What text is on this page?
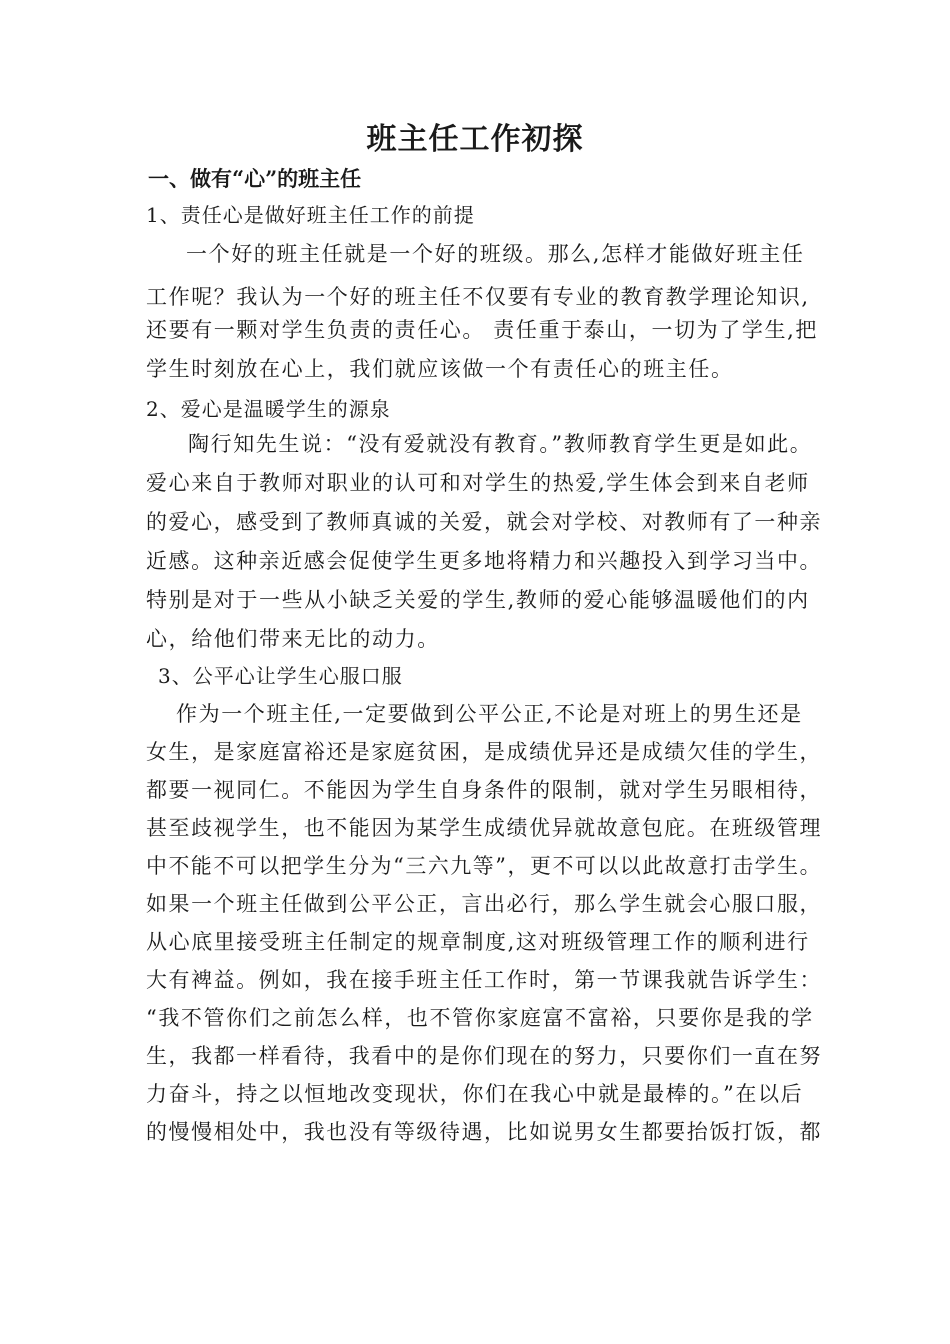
班主任工作初探
一、做有“心”的班主任
1、责任心是做好班主任工作的前提
一个好的班主任就是一个好的班级。那么,怎样才能做好班主任
工作呢？我认为一个好的班主任不仅要有专业的教育教学理论知识,
还要有一颗对学生负责的责任心。 责任重于泰山，一切为了学生,把
学生时刻放在心上，我们就应该做一个有责任心的班主任。
2、爱心是温暖学生的源泉
陶行知先生说：“没有爱就没有教育。”教师教育学生更是如此。
爱心来自于教师对职业的认可和对学生的热爱,学生体会到来自老师
的爱心，感受到了教师真诚的关爱，就会对学校、对教师有了一种亲
近感。这种亲近感会促使学生更多地将精力和兴趣投入到学习当中。
特别是对于一些从小缺乏关爱的学生,教师的爱心能够温暖他们的内
心，给他们带来无比的动力。
3、公平心让学生心服口服
作为一个班主任,一定要做到公平公正,不论是对班上的男生还是
女生，是家庭富裕还是家庭贫困，是成绩优异还是成绩欠佳的学生，
都要一视同仁。不能因为学生自身条件的限制，就对学生另眼相待，
甚至歧视学生，也不能因为某学生成绩优异就故意包庇。在班级管理
中不能不可以把学生分为“三六九等”，更不可以以此故意打击学生。
如果一个班主任做到公平公正，言出必行，那么学生就会心服口服，
从心底里接受班主任制定的规章制度,这对班级管理工作的顺利进行
大有裨益。例如，我在接手班主任工作时，第一节课我就告诉学生：
“我不管你们之前怎么样，也不管你家庭富不富裕，只要你是我的学
生，我都一样看待，我看中的是你们现在的努力，只要你们一直在努
力奋斗，持之以恒地改变现状，你们在我心中就是最棒的。”在以后
的慢慢相处中，我也没有等级待遇，比如说男女生都要抬饭打饭，都
